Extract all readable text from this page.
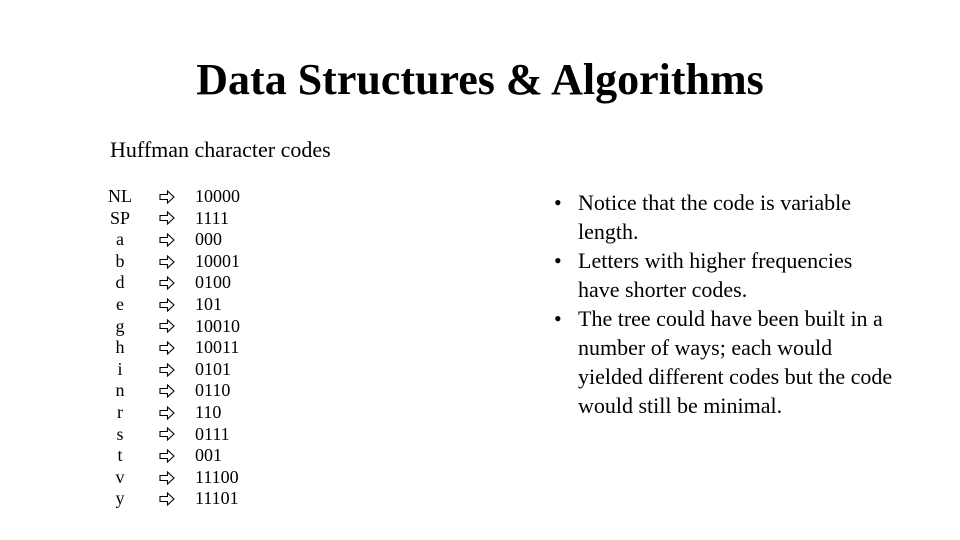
Data Structures & Algorithms
Huffman character codes
NL	10000
SP	1111
a	000
b	10001
d	0100
e	101
g	10010
h	10011
i	0101
n	0110
r	110
s	0111
t	001
v	11100
y	11101
• Notice that the code is variable length.
• Letters with higher frequencies have shorter codes.
• The tree could have been built in a number of ways; each would yielded different codes but the code would still be minimal.
